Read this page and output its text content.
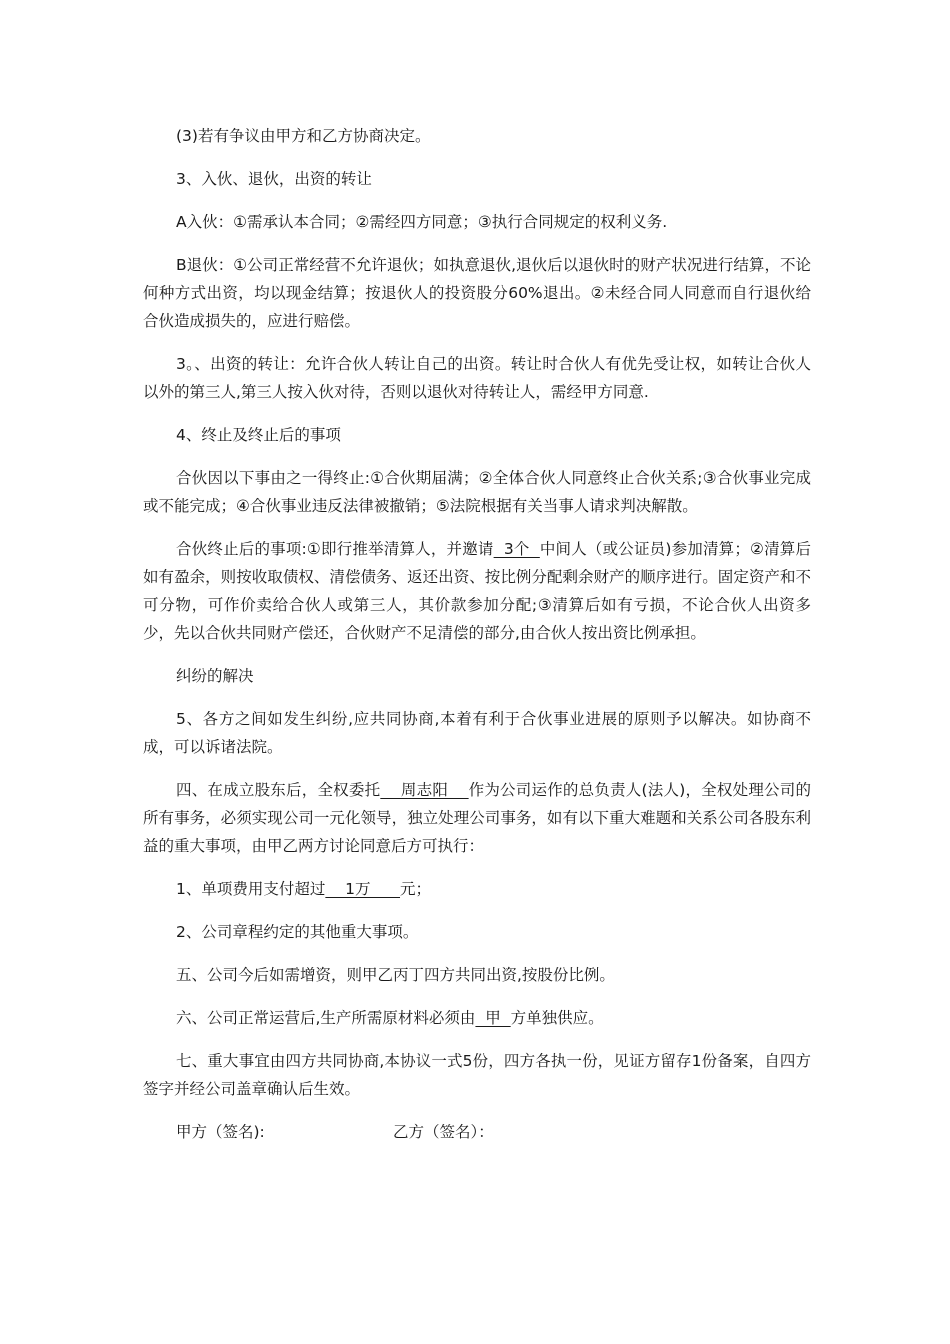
(3)若有争议由甲方和乙方协商决定。

3、入伙、退伙，出资的转让

A入伙：①需承认本合同；②需经四方同意；③执行合同规定的权利义务.

B退伙：①公司正常经营不允许退伙；如执意退伙,退伙后以退伙时的财产状况进行结算，不论何种方式出资，均以现金结算；按退伙人的投资股分60%退出。②未经合同人同意而自行退伙给合伙造成损失的，应进行赔偿。

3。、出资的转让：允许合伙人转让自己的出资。转让时合伙人有优先受让权，如转让合伙人以外的第三人,第三人按入伙对待，否则以退伙对待转让人，需经甲方同意.

4、终止及终止后的事项

合伙因以下事由之一得终止:①合伙期届满；②全体合伙人同意终止合伙关系;③合伙事业完成或不能完成；④合伙事业违反法律被撤销；⑤法院根据有关当事人请求判决解散。

合伙终止后的事项:①即行推举清算人，并邀请  3个  中间人（或公证员)参加清算；②清算后如有盈余，则按收取债权、清偿债务、返还出资、按比例分配剩余财产的顺序进行。固定资产和不可分物，可作价卖给合伙人或第三人，其价款参加分配;③清算后如有亏损，不论合伙人出资多少，先以合伙共同财产偿还，合伙财产不足清偿的部分,由合伙人按出资比例承担。

纠纷的解决

5、各方之间如发生纠纷,应共同协商,本着有利于合伙事业进展的原则予以解决。如协商不成，可以诉诸法院。

四、在成立股东后，全权委托    周志阳    作为公司运作的总负责人(法人)，全权处理公司的所有事务，必须实现公司一元化领导，独立处理公司事务，如有以下重大难题和关系公司各股东利益的重大事项，由甲乙两方讨论同意后方可执行：

1、单项费用支付超过    1万      元；

2、公司章程约定的其他重大事项。

五、公司今后如需增资，则甲乙丙丁四方共同出资,按股份比例。

六、公司正常运营后,生产所需原材料必须由  甲  方单独供应。

七、重大事宜由四方共同协商,本协议一式5份，四方各执一份，见证方留存1份备案，自四方签字并经公司盖章确认后生效。

甲方（签名):	乙方（签名）：
